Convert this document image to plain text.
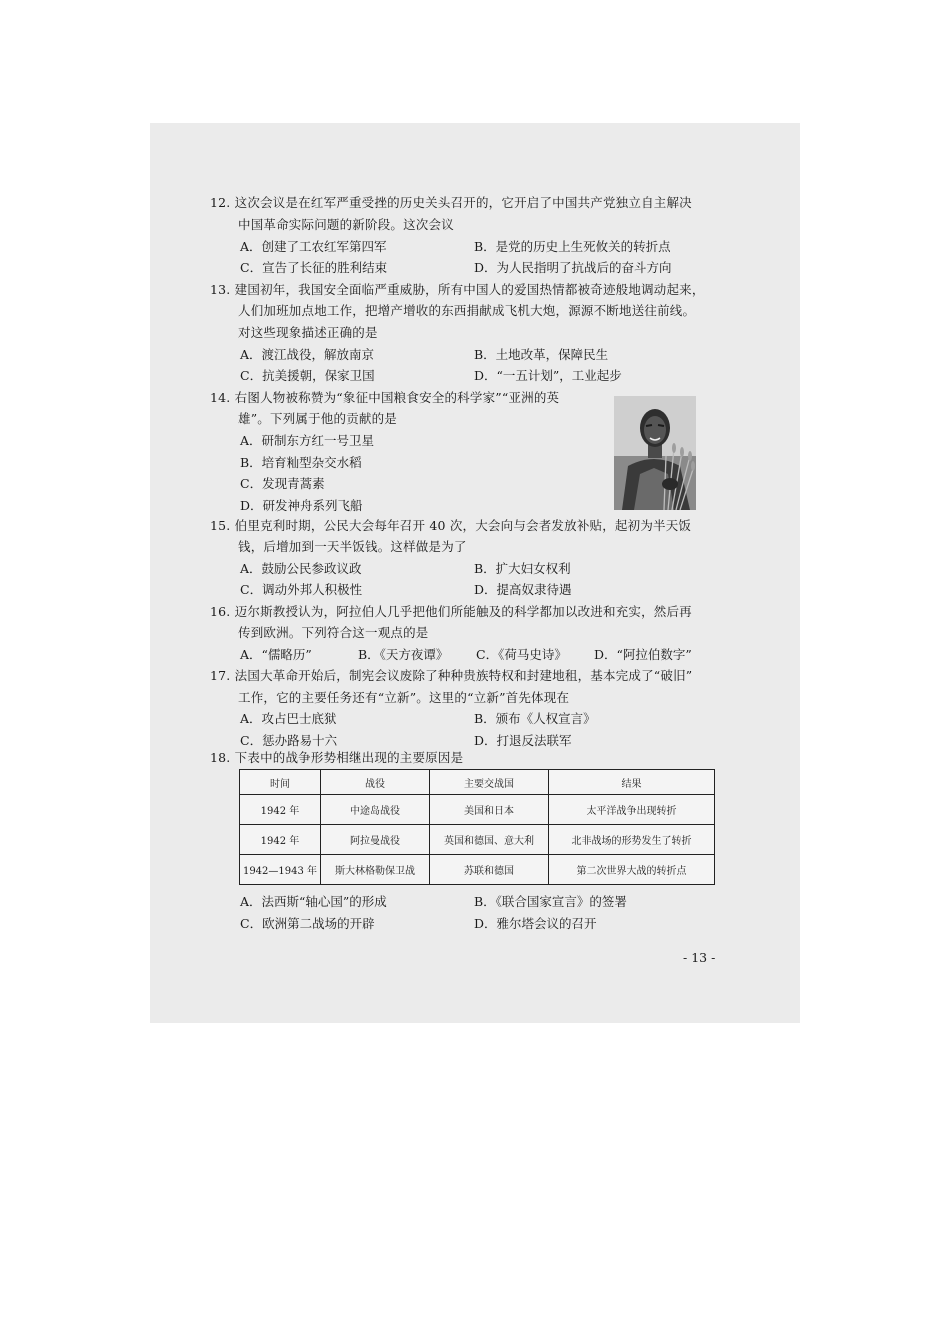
12. 这次会议是在红军严重受挫的历史关头召开的，它开启了中国共产党独立自主解决
中国革命实际问题的新阶段。这次会议
A．创建了工农红军第四军	B．是党的历史上生死攸关的转折点
C．宣告了长征的胜利结束	D．为人民指明了抗战后的奋斗方向
13. 建国初年，我国安全面临严重威胁，所有中国人的爱国热情都被奇迹般地调动起来，
人们加班加点地工作，把增产增收的东西捐献成飞机大炮，源源不断地送往前线。
对这些现象描述正确的是
A．渡江战役，解放南京	B．土地改革，保障民生
C．抗美援朝，保家卫国	D．“一五计划”，工业起步
14. 右图人物被称赞为“象征中国粮食安全的科学家”“亚洲的英
雄”。下列属于他的贡献的是
A．研制东方红一号卫星
B．培育籼型杂交水稻
C．发现青蒿素
D．研发神舟系列飞船
15. 伯里克利时期，公民大会每年召开 40 次，大会向与会者发放补贴，起初为半天饭
钱，后增加到一天半饭钱。这样做是为了
A．鼓励公民参政议政	B．扩大妇女权利
C．调动外邦人积极性	D．提高奴隶待遇
16. 迈尔斯教授认为，阿拉伯人几乎把他们所能触及的科学都加以改进和充实，然后再
传到欧洲。下列符合这一观点的是
A．“儒略历”	B．《天方夜谭》 C．《荷马史诗》 D．“阿拉伯数字”
17. 法国大革命开始后，制宪会议废除了种种贵族特权和封建地租，基本完成了“破旧”
工作，它的主要任务还有“立新”。这里的“立新”首先体现在
A．攻占巴士底狱	B．颁布《人权宣言》
C．惩办路易十六	D．打退反法联军
18. 下表中的战争形势相继出现的主要原因是
时间	战役	主要交战国	结果
1942 年	中途岛战役	美国和日本	太平洋战争出现转折
1942 年	阿拉曼战役	英国和德国、意大利	北非战场的形势发生了转折
1942—1943 年	斯大林格勒保卫战	苏联和德国	第二次世界大战的转折点
A．法西斯“轴心国”的形成	B．《联合国家宣言》的签署
C．欧洲第二战场的开辟	D．雅尔塔会议的召开
- 13 -
